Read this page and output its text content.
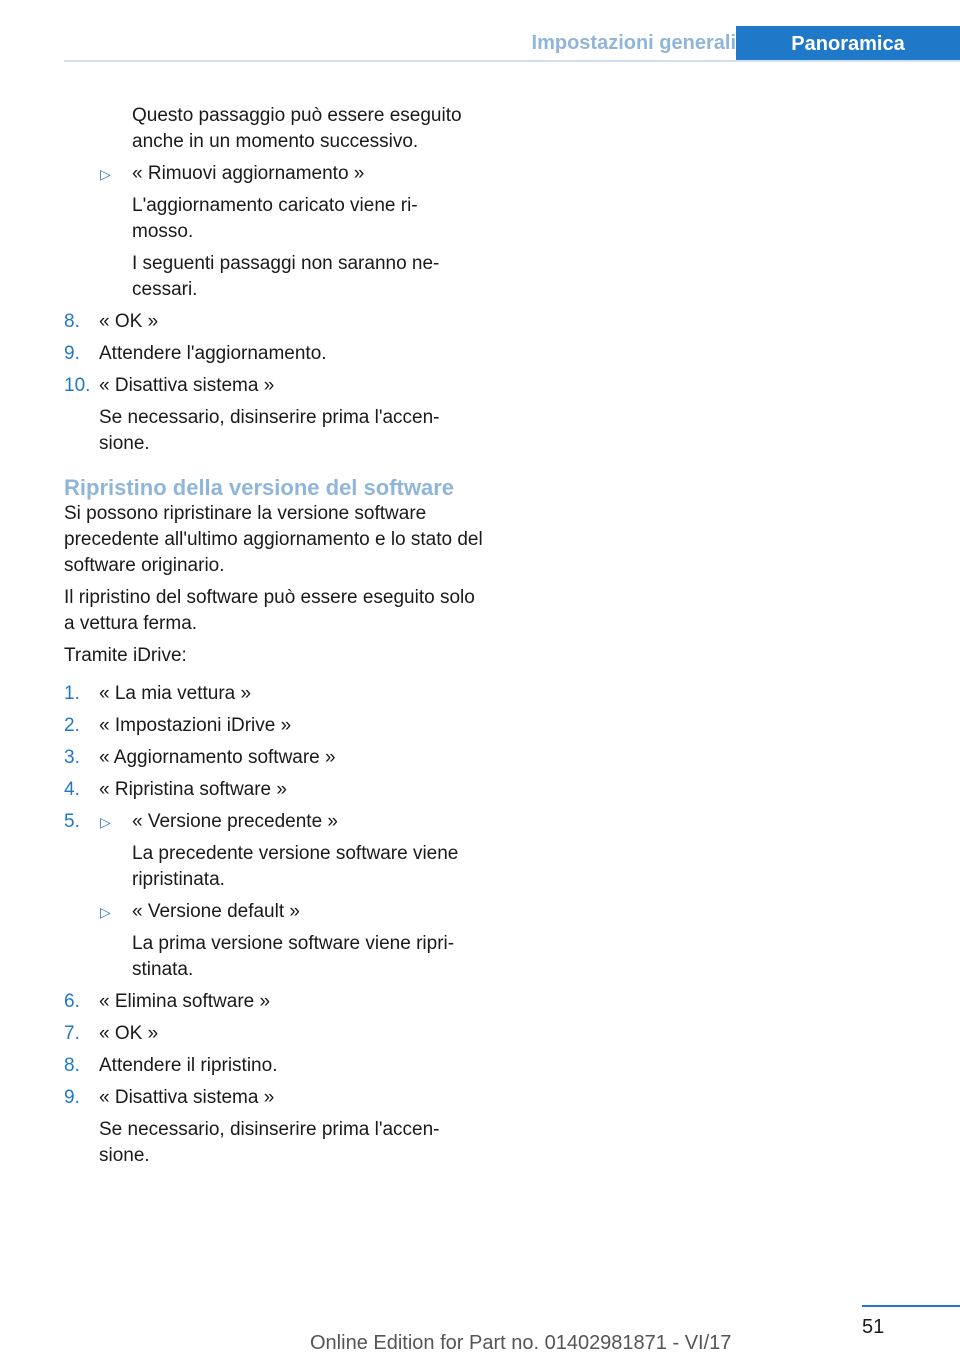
Impostazioni generali	Panoramica

Questo passaggio può essere eseguito anche in un momento successivo.

▷ « Rimuovi aggiornamento »

L'aggiornamento caricato viene ri-mosso.

I seguenti passaggi non saranno ne-cessari.

8. « OK »

9. Attendere l'aggiornamento.

10. « Disattiva sistema »

Se necessario, disinserire prima l'accen-sione.

Ripristino della versione del software

Si possono ripristinare la versione software precedente all'ultimo aggiornamento e lo stato del software originario.

Il ripristino del software può essere eseguito solo a vettura ferma.

Tramite iDrive:

1. « La mia vettura »

2. « Impostazioni iDrive »

3. « Aggiornamento software »

4. « Ripristina software »

5. ▷ « Versione precedente »

La precedente versione software viene ripristinata.

▷ « Versione default »

La prima versione software viene ripri-stinata.

6. « Elimina software »

7. « OK »

8. Attendere il ripristino.

9. « Disattiva sistema »

Se necessario, disinserire prima l'accen-sione.

51
Online Edition for Part no. 01402981871 - VI/17
